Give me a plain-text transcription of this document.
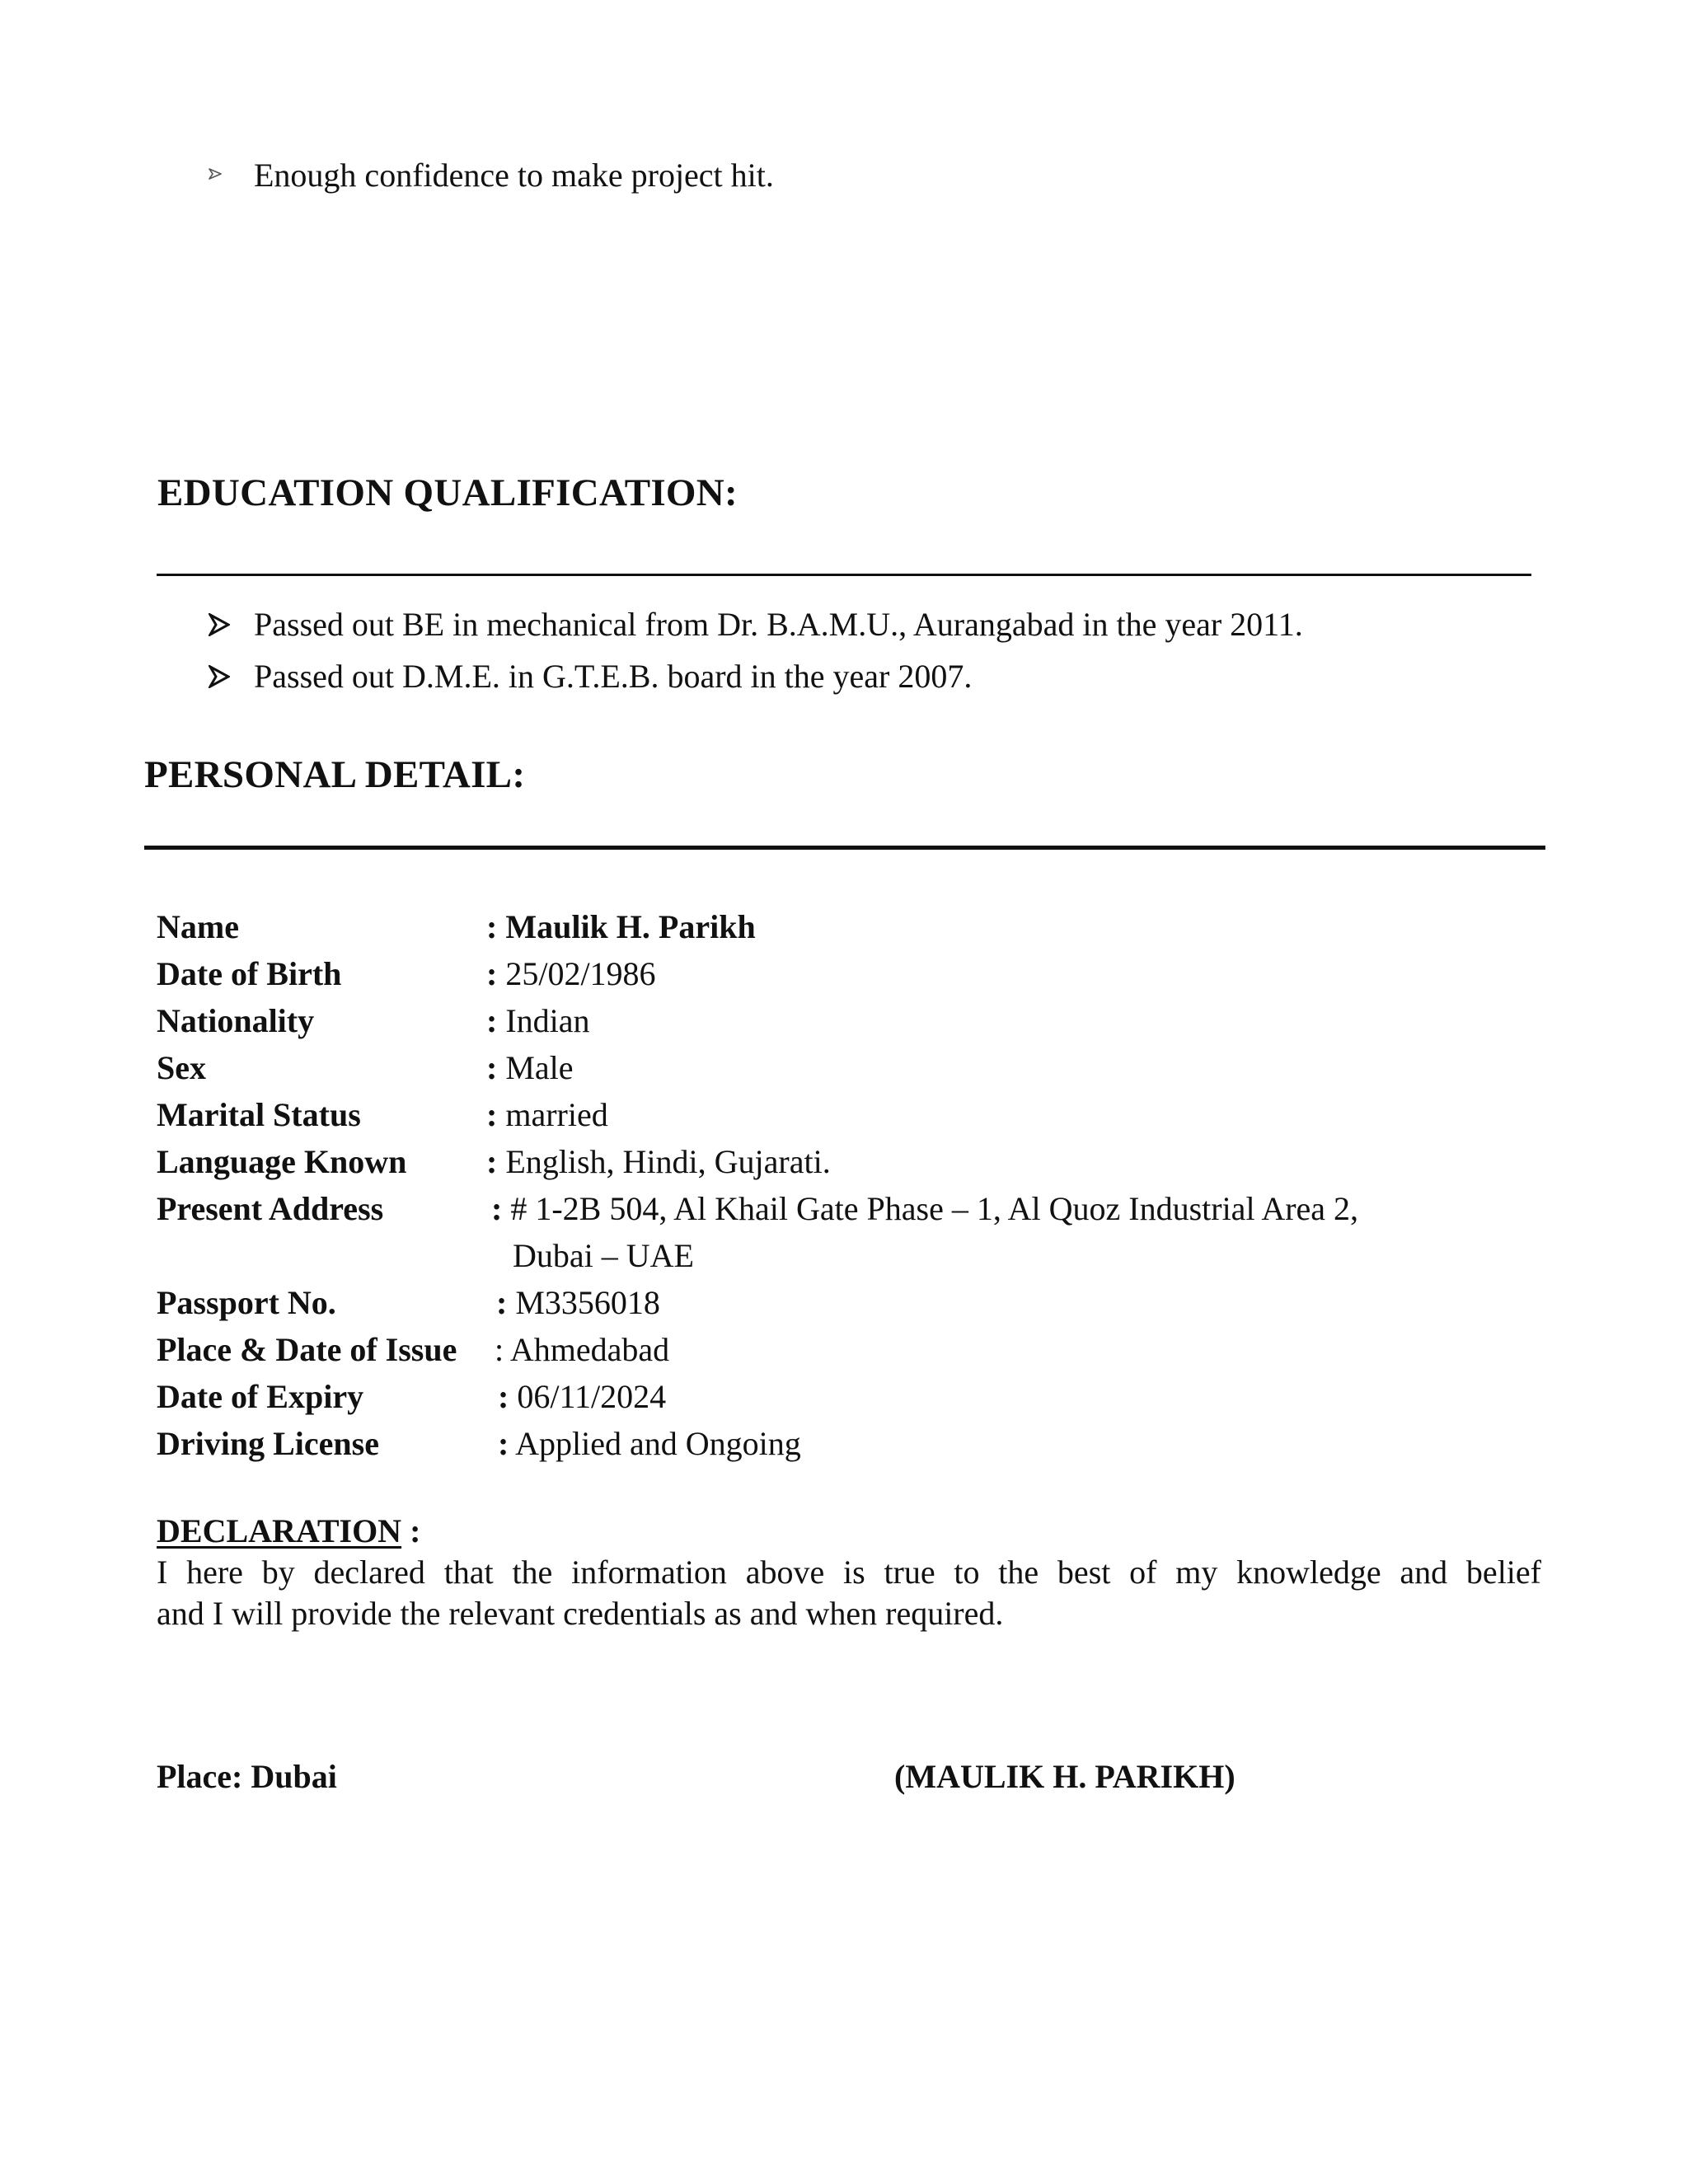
Enough confidence to make project hit.
EDUCATION QUALIFICATION:
Passed out BE in mechanical from Dr. B.A.M.U., Aurangabad in the year 2011.
Passed out D.M.E. in G.T.E.B. board in the year 2007.
PERSONAL DETAIL:
Name	: Maulik H. Parikh
Date of Birth	: 25/02/1986
Nationality	: Indian
Sex	: Male
Marital Status	: married
Language Known : English, Hindi, Gujarati.
Present Address	: # 1-2B 504, Al Khail Gate Phase – 1, Al Quoz Industrial Area 2,
Dubai – UAE
Passport No.	: M3356018
Place & Date of Issue : Ahmedabad
Date of Expiry	: 06/11/2024
Driving License	: Applied and Ongoing
DECLARATION :
I here by declared that the information above is true to the best of my knowledge and belief
and I will provide the relevant credentials as and when required.
Place: Dubai	(MAULIK H. PARIKH)
